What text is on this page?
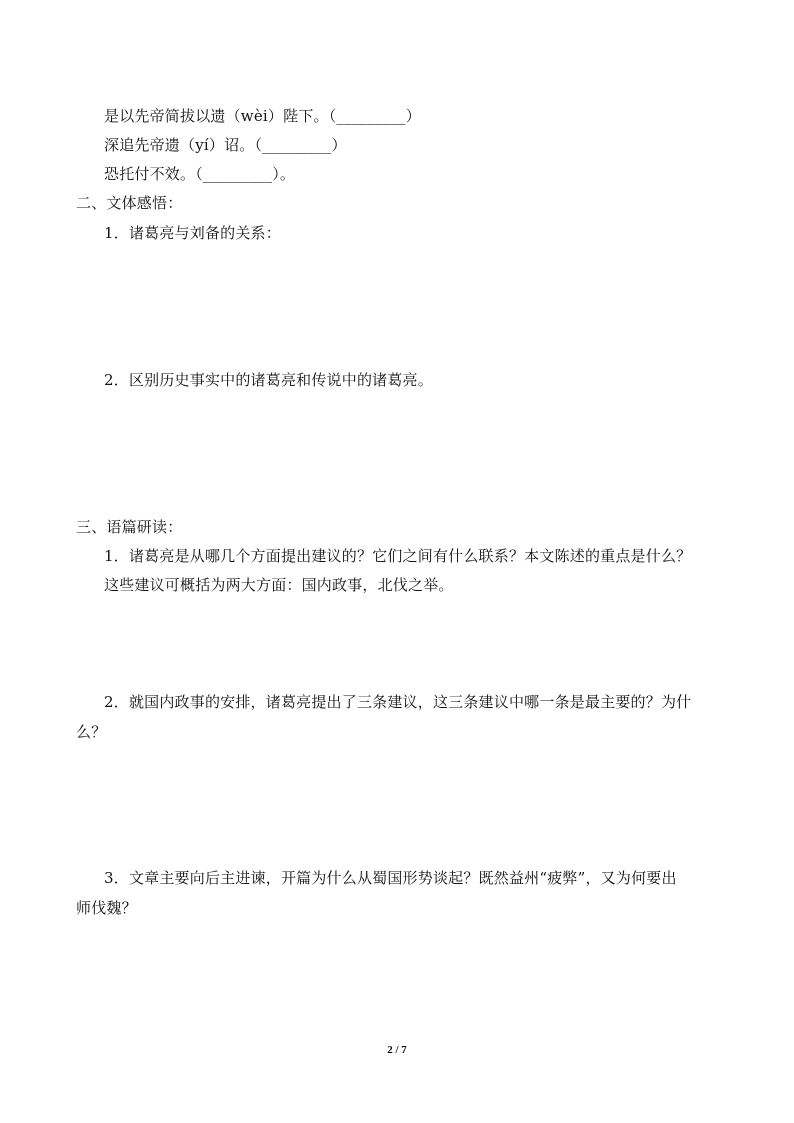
是以先帝简拔以遗（wèi）陛下。（_________）
深追先帝遗（yí）诏。（_________）
恐托付不效。（_________）。
二、文体感悟：
1．诸葛亮与刘备的关系：
2．区别历史事实中的诸葛亮和传说中的诸葛亮。
三、语篇研读：
1．诸葛亮是从哪几个方面提出建议的？它们之间有什么联系？本文陈述的重点是什么？
这些建议可概括为两大方面：国内政事，北伐之举。
2．就国内政事的安排，诸葛亮提出了三条建议，这三条建议中哪一条是最主要的？为什
么？
3．文章主要向后主进谏，开篇为什么从蜀国形势谈起？既然益州“疲弊”，又为何要出
师伐魏？
2 / 7
